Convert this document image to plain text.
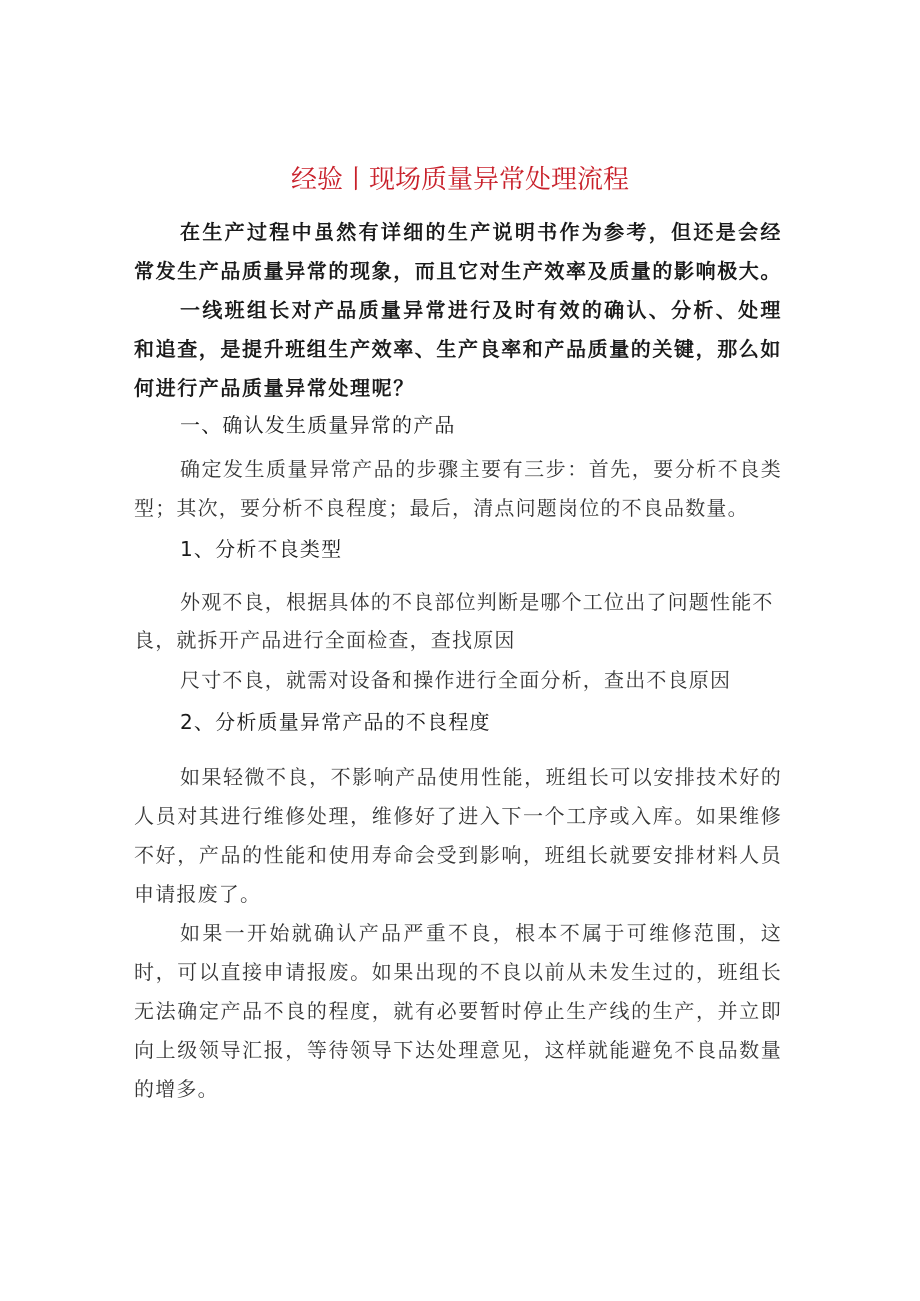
经验丨现场质量异常处理流程

在生产过程中虽然有详细的生产说明书作为参考，但还是会经常发生产品质量异常的现象，而且它对生产效率及质量的影响极大。

一线班组长对产品质量异常进行及时有效的确认、分析、处理和追查，是提升班组生产效率、生产良率和产品质量的关键，那么如何进行产品质量异常处理呢？

一、确认发生质量异常的产品

确定发生质量异常产品的步骤主要有三步：首先，要分析不良类型；其次，要分析不良程度；最后，清点问题岗位的不良品数量。

1、分析不良类型
外观不良，根据具体的不良部位判断是哪个工位出了问题性能不
良，就拆开产品进行全面检查，查找原因
尺寸不良，就需对设备和操作进行全面分析，查出不良原因
2、分析质量异常产品的不良程度

如果轻微不良，不影响产品使用性能，班组长可以安排技术好的人员对其进行维修处理，维修好了进入下一个工序或入库。如果维修不好，产品的性能和使用寿命会受到影响，班组长就要安排材料人员申请报废了。

如果一开始就确认产品严重不良，根本不属于可维修范围，这时，可以直接申请报废。如果出现的不良以前从未发生过的，班组长无法确定产品不良的程度，就有必要暂时停止生产线的生产，并立即向上级领导汇报，等待领导下达处理意见，这样就能避免不良品数量的增多。
